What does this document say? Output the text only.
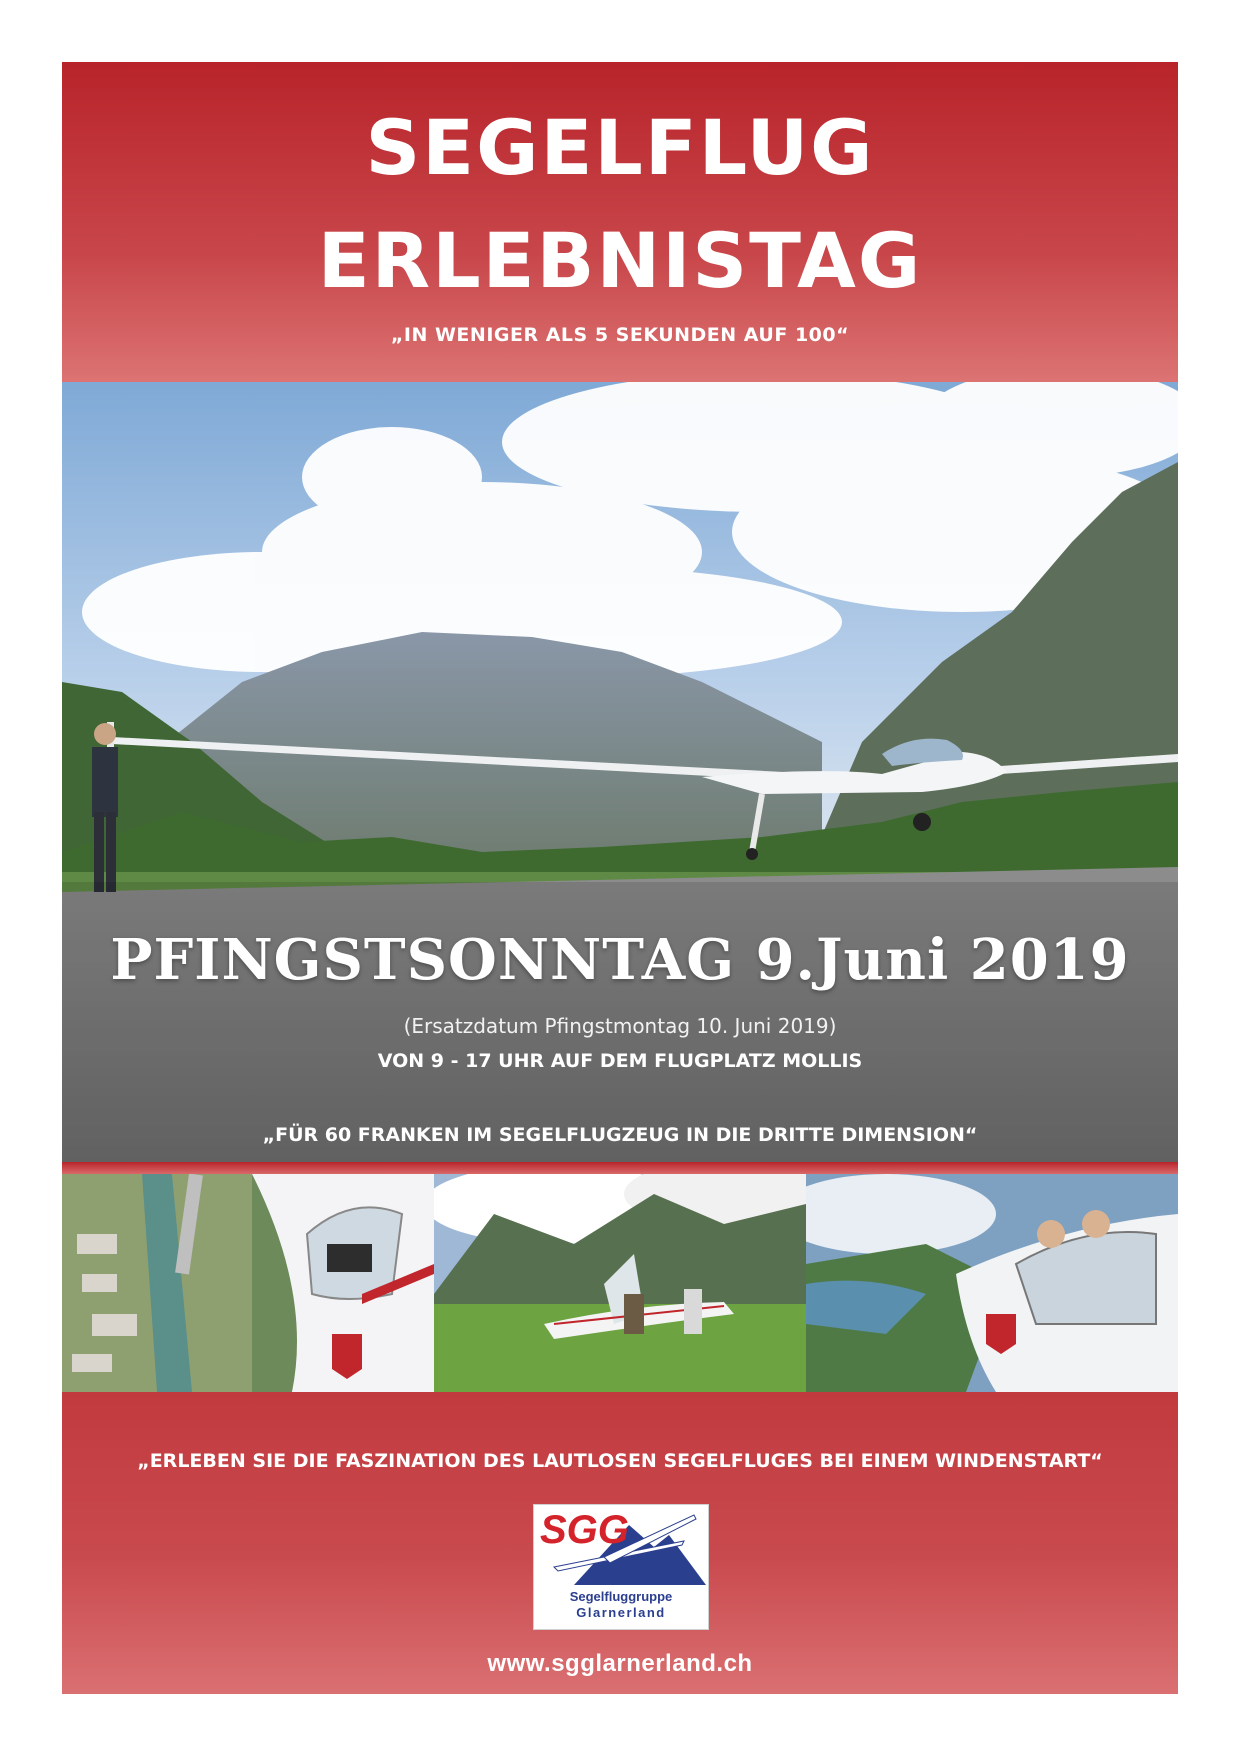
SEGELFLUG
ERLEBNISTAG
„IN WENIGER ALS 5 SEKUNDEN AUF 100“
PFINGSTSONNTAG 9.Juni 2019
(Ersatzdatum Pfingstmontag 10. Juni 2019)
VON 9 - 17 UHR AUF DEM FLUGPLATZ MOLLIS
„FÜR 60 FRANKEN IM SEGELFLUGZEUG IN DIE DRITTE DIMENSION“
„ERLEBEN SIE DIE FASZINATION DES LAUTLOSEN SEGELFLUGES BEI EINEM WINDENSTART“
SGG
Segelfluggruppe
Glarnerland
www.sgglarnerland.ch
